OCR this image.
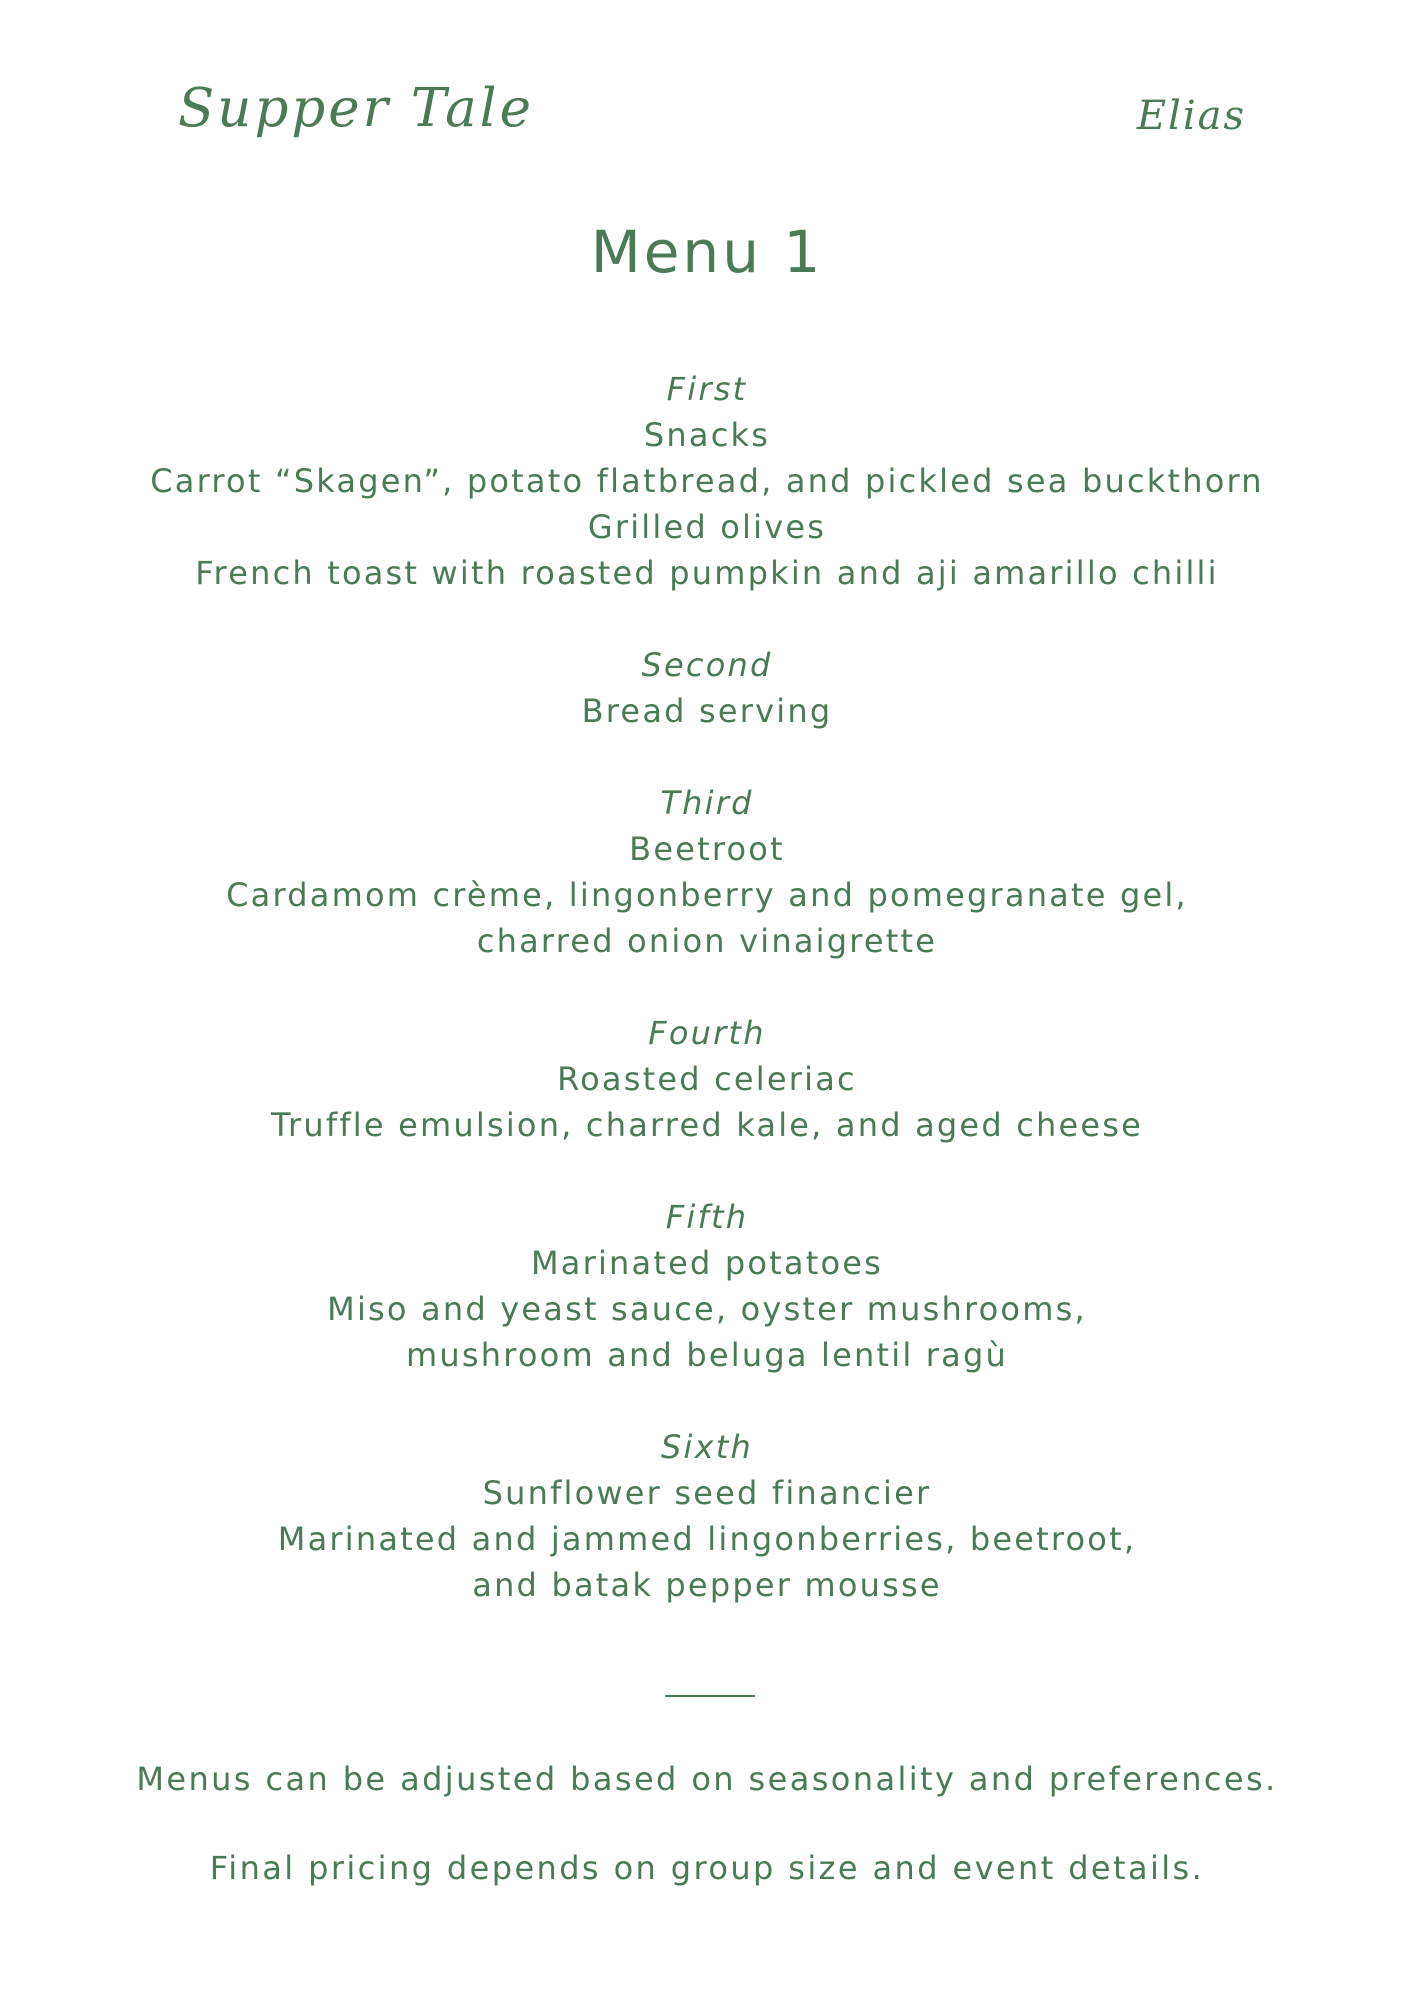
Supper Tale	Elias
Menu 1
First
Snacks
Carrot “Skagen”, potato flatbread, and pickled sea buckthorn
Grilled olives
French toast with roasted pumpkin and aji amarillo chilli
Second
Bread serving
Third
Beetroot
Cardamom crème, lingonberry and pomegranate gel,
charred onion vinaigrette
Fourth
Roasted celeriac
Truffle emulsion, charred kale, and aged cheese
Fifth
Marinated potatoes
Miso and yeast sauce, oyster mushrooms,
mushroom and beluga lentil ragù
Sixth
Sunflower seed financier
Marinated and jammed lingonberries, beetroot,
and batak pepper mousse
Menus can be adjusted based on seasonality and preferences.
Final pricing depends on group size and event details.
